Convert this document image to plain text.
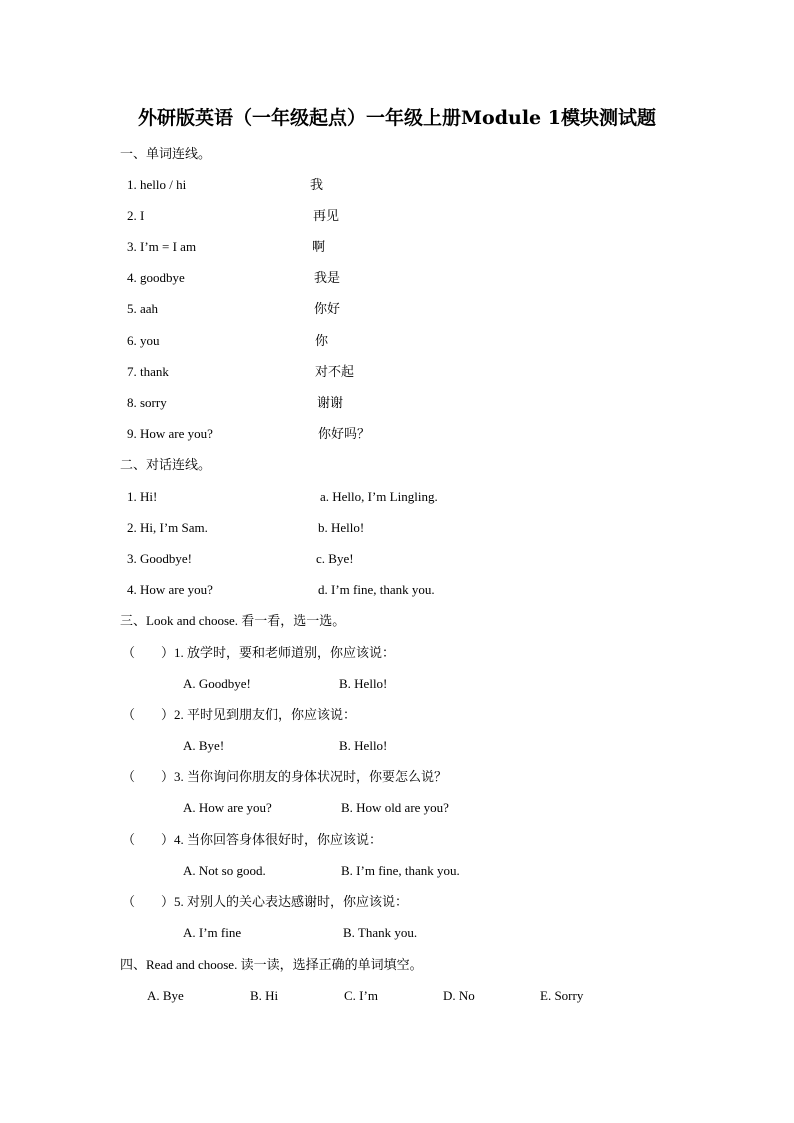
外研版英语（一年级起点）一年级上册Module 1模块测试题
一、单词连线。
1. hello / hi	我
2. I	再见
3. I’m = I am	啊
4. goodbye	我是
5. aah	你好
6. you	你
7. thank	对不起
8. sorry	谢谢
9. How are you?	你好吗？
二、对话连线。
1. Hi!	a. Hello, I’m Lingling.
2. Hi, I’m Sam.	b. Hello!
3. Goodbye!	c. Bye!
4. How are you?	d. I’m fine, thank you.
三、Look and choose. 看一看，选一选。
（　　）1. 放学时，要和老师道别，你应该说：
A. Goodbye!	B. Hello!
（　　）2. 平时见到朋友们，你应该说：
A. Bye!	B. Hello!
（　　）3. 当你询问你朋友的身体状况时，你要怎么说？
A. How are you?	B. How old are you?
（　　）4. 当你回答身体很好时，你应该说：
A. Not so good.	B. I’m fine, thank you.
（　　）5. 对别人的关心表达感谢时，你应该说：
A. I’m fine	B. Thank you.
四、Read and choose. 读一读，选择正确的单词填空。
A. Bye	B. Hi	C. I’m	D. No	E. Sorry
